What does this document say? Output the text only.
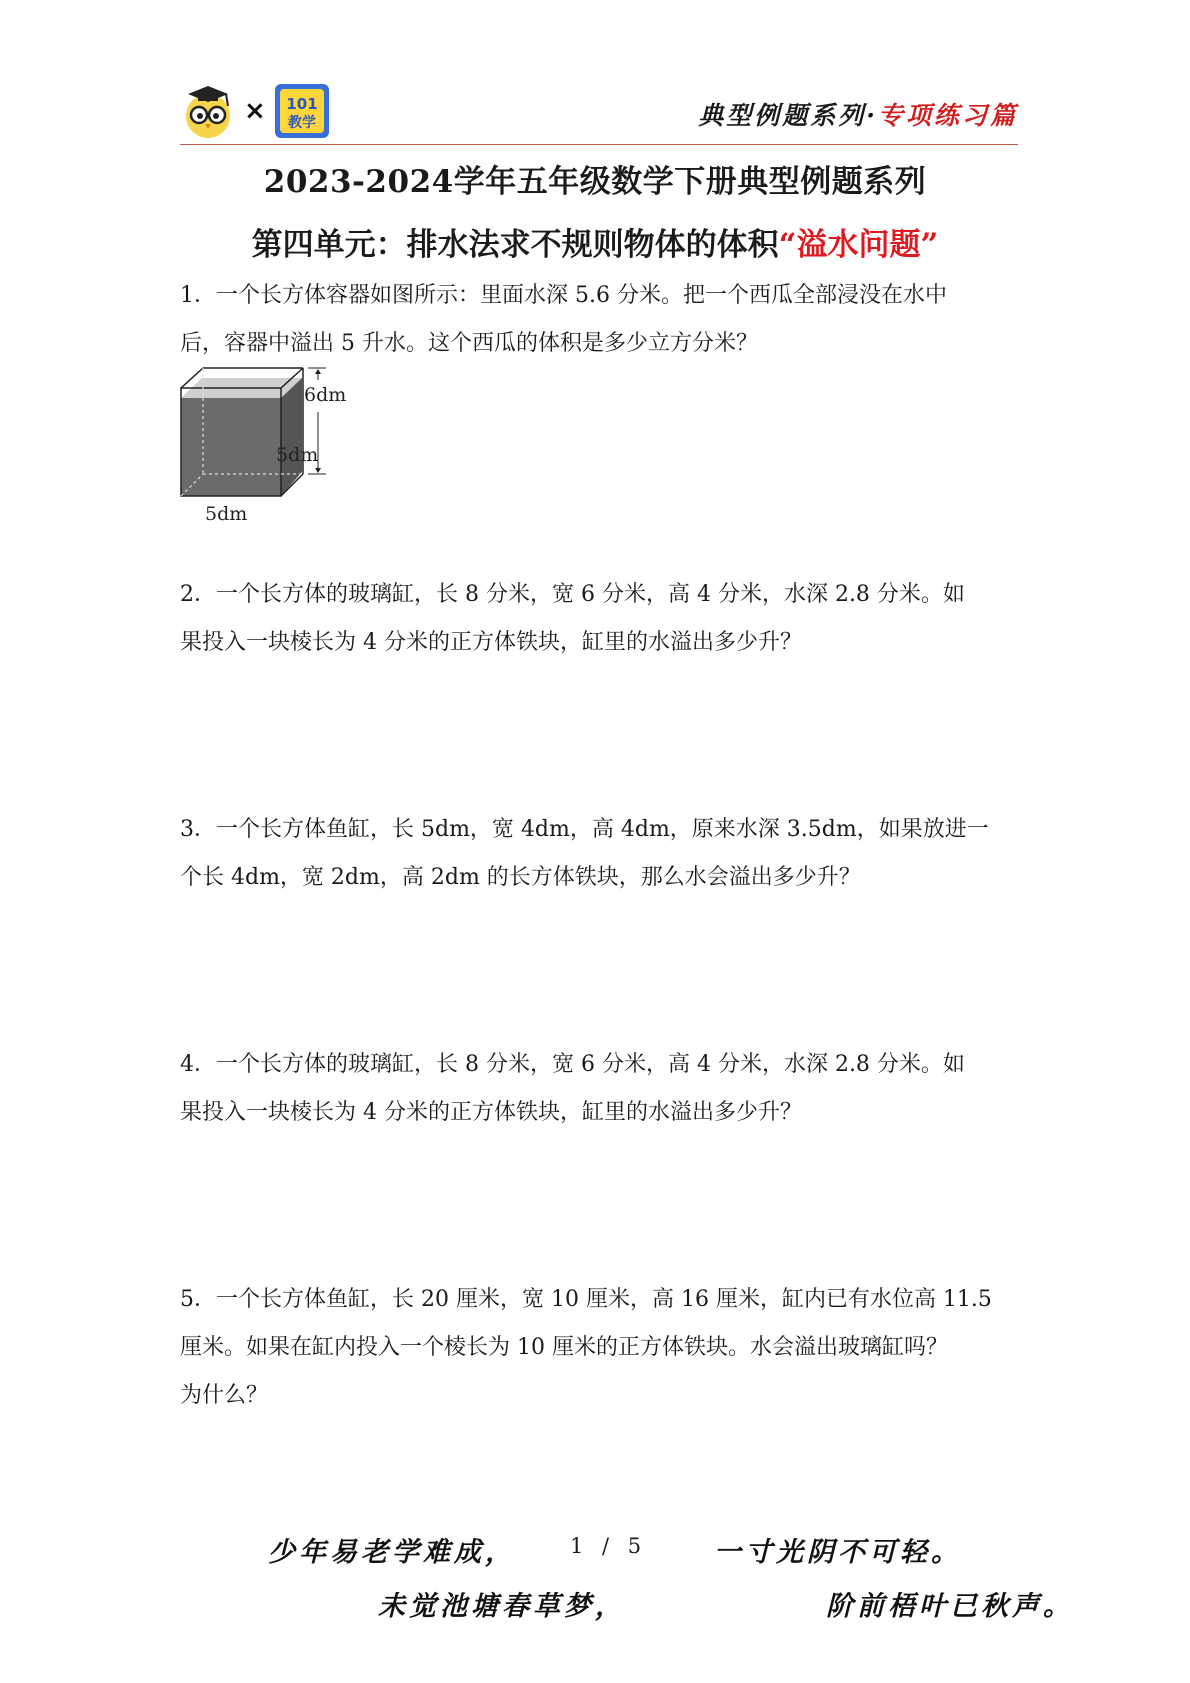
× 101
教学	典型例题系列·专项练习篇
2023-2024学年五年级数学下册典型例题系列
第四单元：排水法求不规则物体的体积“溢水问题”

1．一个长方体容器如图所示：里面水深 5.6 分米。把一个西瓜全部浸没在水中

后，容器中溢出 5 升水。这个西瓜的体积是多少立方分米？

6dm
5dm
5dm

2．一个长方体的玻璃缸，长 8 分米，宽 6 分米，高 4 分米，水深 2.8 分米。如

果投入一块棱长为 4 分米的正方体铁块，缸里的水溢出多少升？

3．一个长方体鱼缸，长 5dm，宽 4dm，高 4dm，原来水深 3.5dm，如果放进一

个长 4dm，宽 2dm，高 2dm 的长方体铁块，那么水会溢出多少升？

4．一个长方体的玻璃缸，长 8 分米，宽 6 分米，高 4 分米，水深 2.8 分米。如

果投入一块棱长为 4 分米的正方体铁块，缸里的水溢出多少升？

5．一个长方体鱼缸，长 20 厘米，宽 10 厘米，高 16 厘米，缸内已有水位高 11.5

厘米。如果在缸内投入一个棱长为 10 厘米的正方体铁块。水会溢出玻璃缸吗？

为什么？

少年易老学难成，	1 / 5 一寸光阴不可轻。
未觉池塘春草梦，	阶前梧叶已秋声。
